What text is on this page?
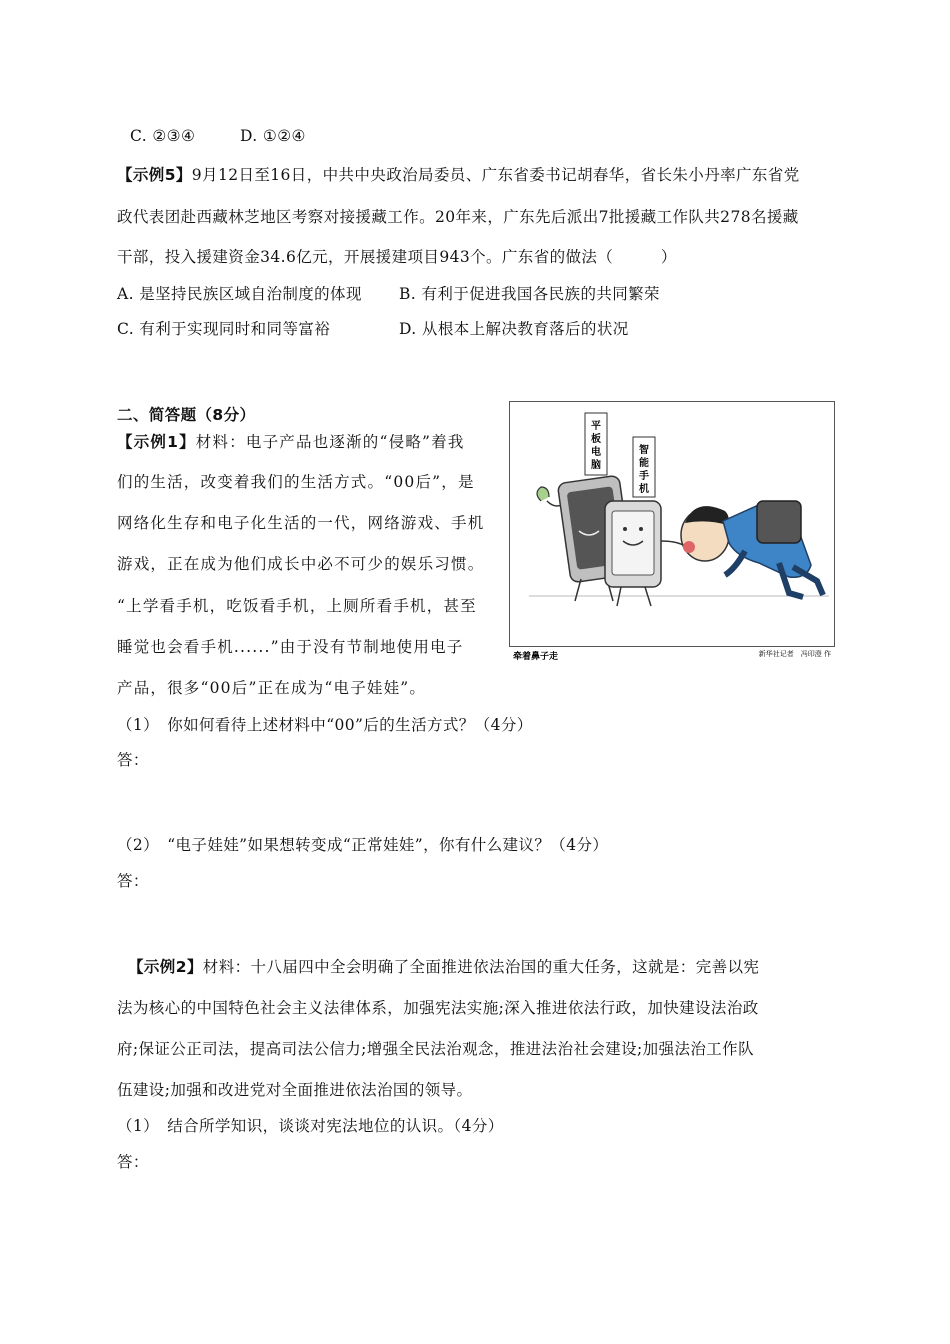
C. ②③④	D. ①②④
【示例5】9月12日至16日，中共中央政治局委员、广东省委书记胡春华，省长朱小丹率广东省党
政代表团赴西藏林芝地区考察对接援藏工作。20年来，广东先后派出7批援藏工作队共278名援藏
干部，投入援建资金34.6亿元，开展援建项目943个。广东省的做法（　　　）
A. 是坚持民族区域自治制度的体现 B. 有利于促进我国各民族的共同繁荣
C. 有利于实现同时和同等富裕	D. 从根本上解决教育落后的状况
二、简答题（8分）
【示例1】材料：电子产品也逐渐的“侵略”着我
们的生活，改变着我们的生活方式。“00后”，是
网络化生存和电子化生活的一代，网络游戏、手机
游戏，正在成为他们成长中必不可少的娱乐习惯。
“上学看手机，吃饭看手机，上厕所看手机，甚至
睡觉也会看手机......”由于没有节制地使用电子
产品，很多“00后”正在成为“电子娃娃”。
平板电脑
智能手机
牵着鼻子走	新华社记者　冯印澄 作
（1）　你如何看待上述材料中“00”后的生活方式？（4分）
答：
（2）　“电子娃娃”如果想转变成“正常娃娃”，你有什么建议？（4分）
答：
【示例2】材料：十八届四中全会明确了全面推进依法治国的重大任务，这就是：完善以宪
法为核心的中国特色社会主义法律体系，加强宪法实施;深入推进依法行政，加快建设法治政
府;保证公正司法，提高司法公信力;增强全民法治观念，推进法治社会建设;加强法治工作队
伍建设;加强和改进党对全面推进依法治国的领导。
（1）　结合所学知识，谈谈对宪法地位的认识。（4分）
答：
